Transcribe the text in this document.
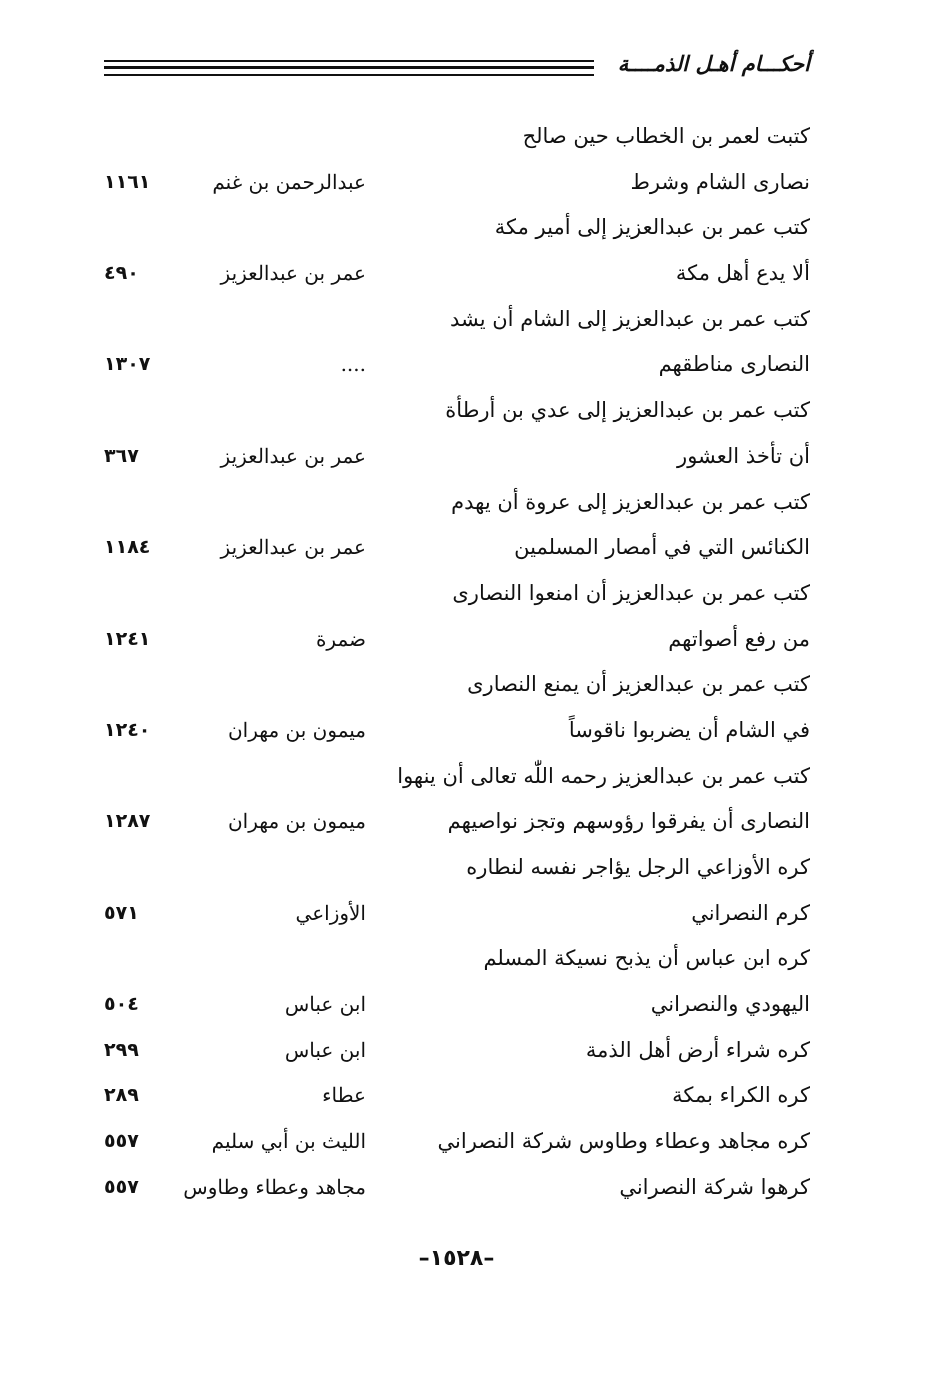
أحكـــام أهـل الذمــــة
كتبت لعمر بن الخطاب حين صالح
نصارى الشام وشرط
عبدالرحمن بن غنم
١١٦١
كتب عمر بن عبدالعزيز إلى أمير مكة
ألا يدع أهل مكة
عمر بن عبدالعزيز
٤٩٠
كتب عمر بن عبدالعزيز إلى الشام أن يشد
النصارى مناطقهم
....
١٣٠٧
كتب عمر بن عبدالعزيز إلى عدي بن أرطأة
أن تأخذ العشور
عمر بن عبدالعزيز
٣٦٧
كتب عمر بن عبدالعزيز إلى عروة أن يهدم
الكنائس التي في أمصار المسلمين
عمر بن عبدالعزيز
١١٨٤
كتب عمر بن عبدالعزيز أن امنعوا النصارى
من رفع أصواتهم
ضمرة
١٢٤١
كتب عمر بن عبدالعزيز أن يمنع النصارى
في الشام أن يضربوا ناقوساً
ميمون بن مهران
١٢٤٠
كتب عمر بن عبدالعزيز رحمه اللّٰه تعالى أن ينهوا
النصارى أن يفرقوا رؤوسهم وتجز نواصيهم
ميمون بن مهران
١٢٨٧
كره الأوزاعي الرجل يؤاجر نفسه لنطاره
كرم النصراني
الأوزاعي
٥٧١
كره ابن عباس أن يذبح نسيكة المسلم
اليهودي والنصراني
ابن عباس
٥٠٤
كره شراء أرض أهل الذمة
ابن عباس
٢٩٩
كره الكراء بمكة
عطاء
٢٨٩
كره مجاهد وعطاء وطاوس شركة النصراني
الليث بن أبي سليم
٥٥٧
كرهوا شركة النصراني
مجاهد وعطاء وطاوس
٥٥٧
–١٥٢٨–
